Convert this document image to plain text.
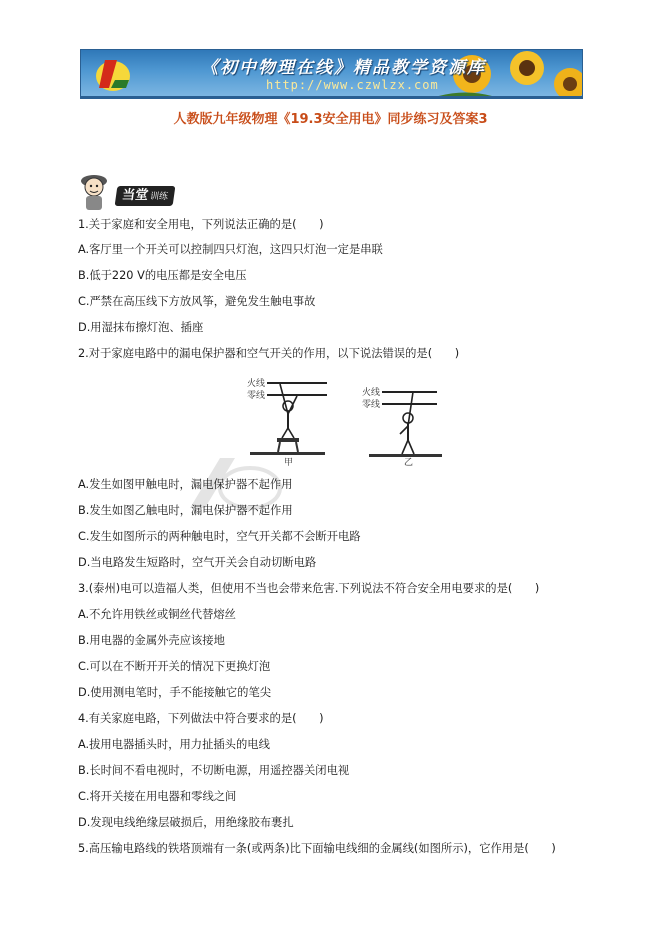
《初中物理在线》精品教学资源库
http://www.czwlzx.com
人教版九年级物理《19.3安全用电》同步练习及答案3
当堂训练
1.关于家庭和安全用电，下列说法正确的是(　　)
A.客厅里一个开关可以控制四只灯泡，这四只灯泡一定是串联
B.低于220 V的电压都是安全电压
C.严禁在高压线下方放风筝，避免发生触电事故
D.用湿抹布擦灯泡、插座
2.对于家庭电路中的漏电保护器和空气开关的作用，以下说法错误的是(　　)
火线
零线
甲
火线
零线
乙
A.发生如图甲触电时，漏电保护器不起作用
B.发生如图乙触电时，漏电保护器不起作用
C.发生如图所示的两种触电时，空气开关都不会断开电路
D.当电路发生短路时，空气开关会自动切断电路
3.(泰州)电可以造福人类，但使用不当也会带来危害.下列说法不符合安全用电要求的是(　　)
A.不允许用铁丝或铜丝代替熔丝
B.用电器的金属外壳应该接地
C.可以在不断开开关的情况下更换灯泡
D.使用测电笔时，手不能接触它的笔尖
4.有关家庭电路，下列做法中符合要求的是(　　)
A.拔用电器插头时，用力扯插头的电线
B.长时间不看电视时，不切断电源，用遥控器关闭电视
C.将开关接在用电器和零线之间
D.发现电线绝缘层破损后，用绝缘胶布裹扎
5.高压输电路线的铁塔顶端有一条(或两条)比下面输电线细的金属线(如图所示)，它作用是(　　)
